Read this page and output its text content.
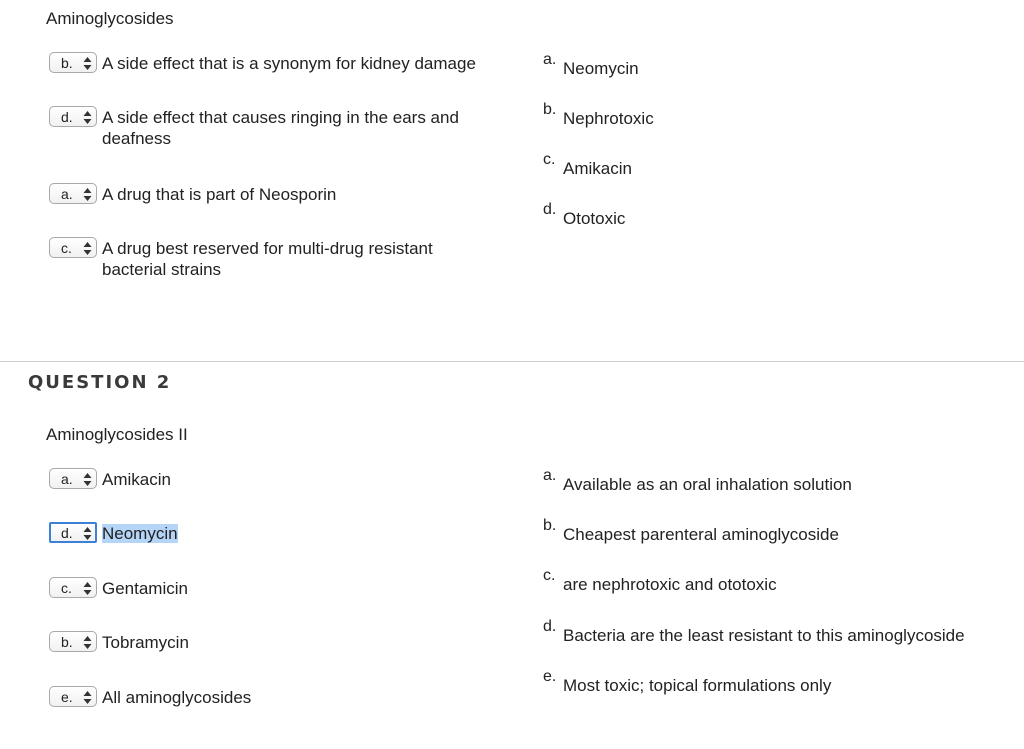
Aminoglycosides
b. A side effect that is a synonym for kidney damage
d. A side effect that causes ringing in the ears and deafness
a. A drug that is part of Neosporin
c. A drug best reserved for multi-drug resistant bacterial strains
a. Neomycin
b. Nephrotoxic
c. Amikacin
d. Ototoxic
QUESTION 2
Aminoglycosides II
a. Amikacin
d. Neomycin
c. Gentamicin
b. Tobramycin
e. All aminoglycosides
a. Available as an oral inhalation solution
b. Cheapest parenteral aminoglycoside
c. are nephrotoxic and ototoxic
d. Bacteria are the least resistant to this aminoglycoside
e. Most toxic; topical formulations only
